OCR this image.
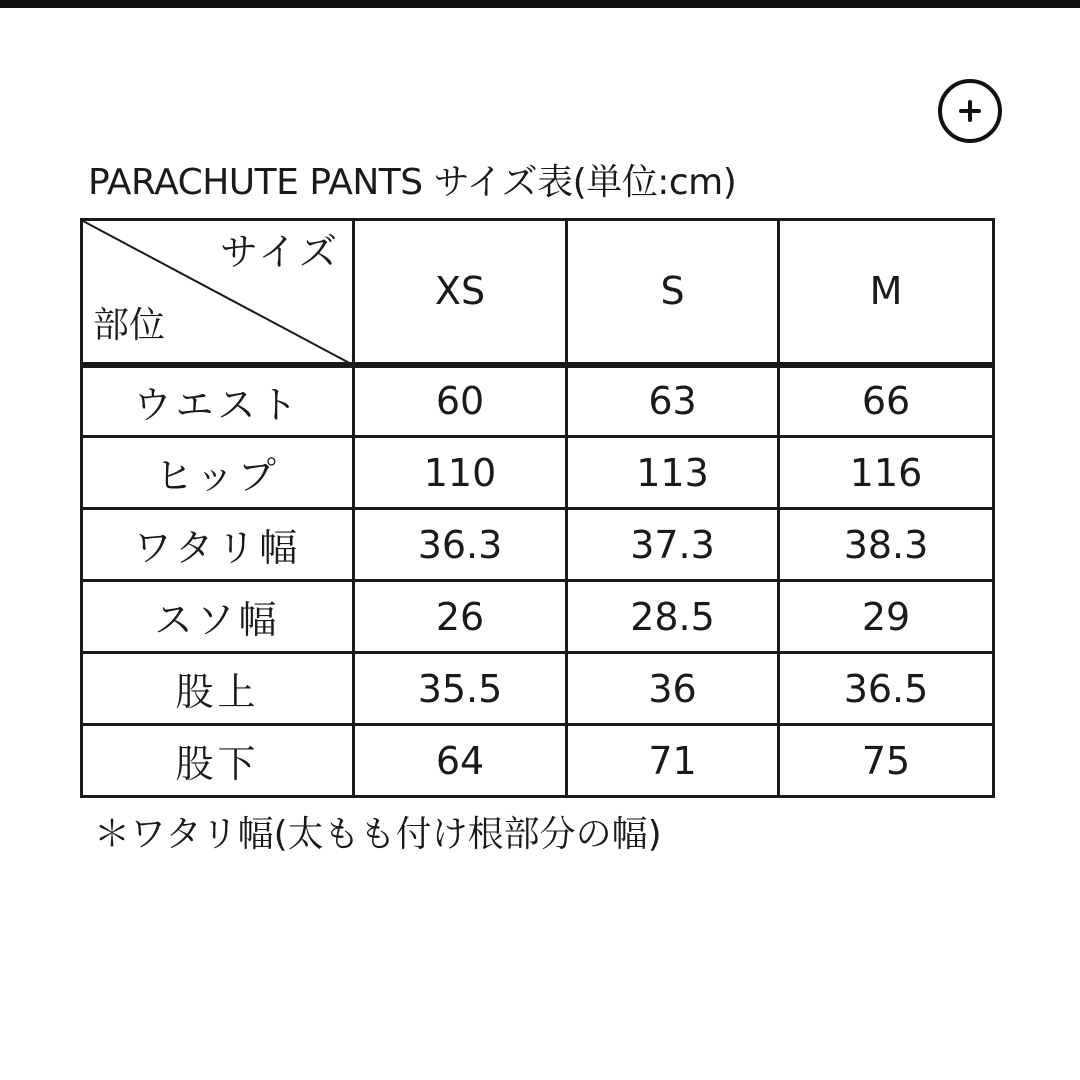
PARACHUTE PANTS サイズ表(単位:cm)
サイズ
部位	XS	S	M
ウエスト	60	63	66
ヒップ	110	113	116
ワタリ幅	36.3	37.3	38.3
スソ幅	26	28.5	29
股上	35.5	36	36.5
股下	64	71	75
＊ワタリ幅(太もも付け根部分の幅)
